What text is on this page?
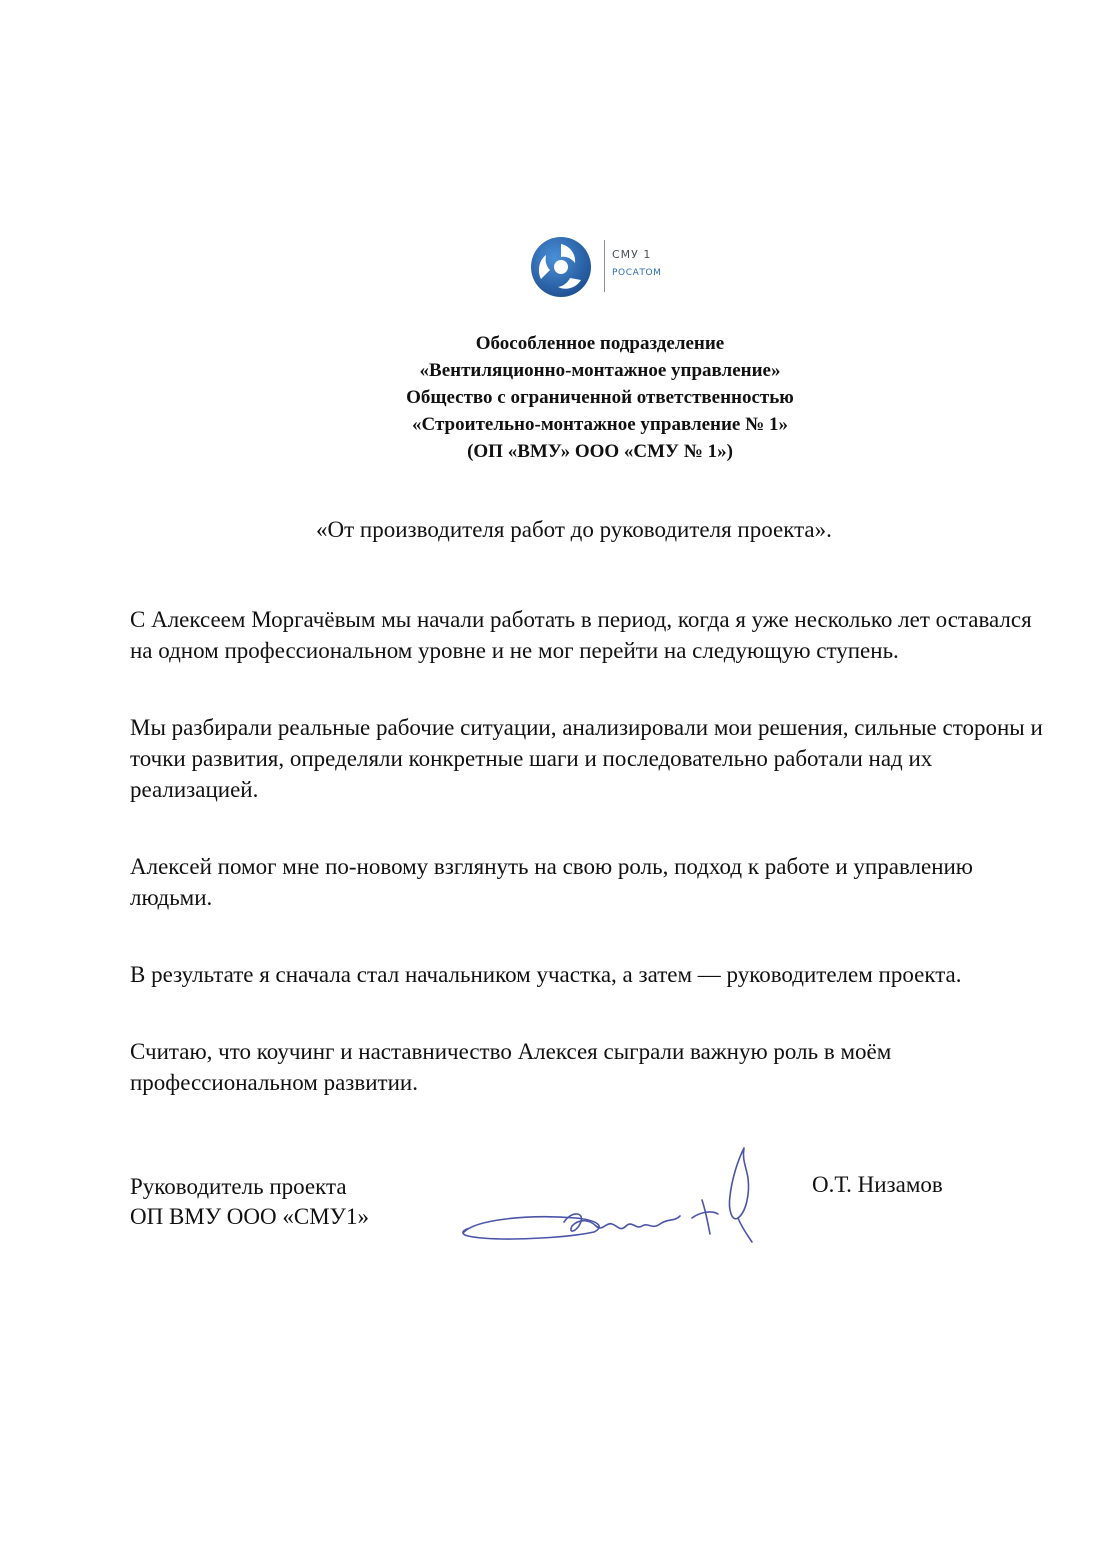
СМУ 1
РОСАТОМ
Обособленное подразделение
«Вентиляционно-монтажное управление»
Общество с ограниченной ответственностью
«Строительно-монтажное управление № 1»
(ОП «ВМУ» ООО «СМУ № 1»)
«От производителя работ до руководителя проекта».

С Алексеем Моргачёвым мы начали работать в период, когда я уже несколько лет оставался на одном профессиональном уровне и не мог перейти на следующую ступень.

Мы разбирали реальные рабочие ситуации, анализировали мои решения, сильные стороны и точки развития, определяли конкретные шаги и последовательно работали над их реализацией.

Алексей помог мне по-новому взглянуть на свою роль, подход к работе и управлению людьми.

В результате я сначала стал начальником участка, а затем — руководителем проекта.

Считаю, что коучинг и наставничество Алексея сыграли важную роль в моём профессиональном развитии.

Руководитель проекта
ОП ВМУ ООО «СМУ1»
О.Т. Низамов
